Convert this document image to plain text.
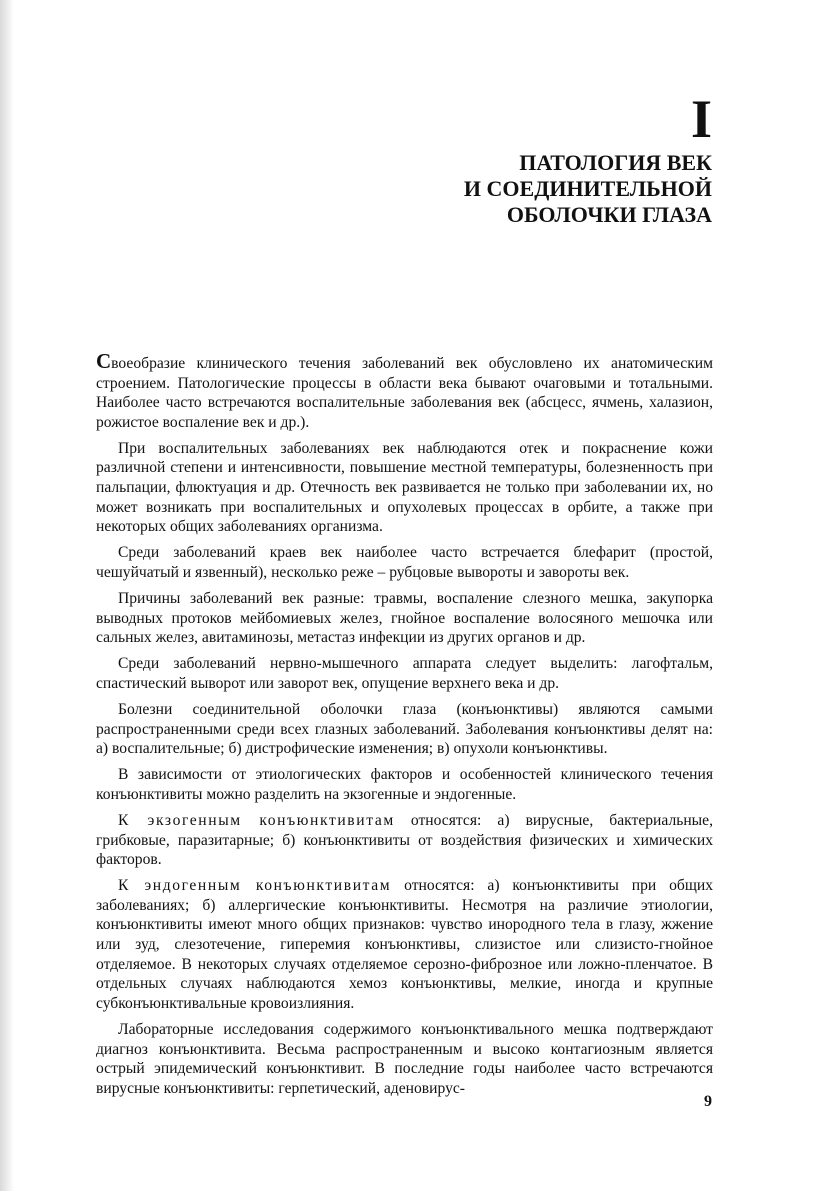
I
ПАТОЛОГИЯ ВЕК
И СОЕДИНИТЕЛЬНОЙ
ОБОЛОЧКИ ГЛАЗА

Своеобразие клинического течения заболеваний век обусловлено их анатомическим строением. Патологические процессы в области века бывают очаговыми и тотальными. Наиболее часто встречаются воспалительные заболевания век (абсцесс, ячмень, халазион, рожистое воспаление век и др.).

При воспалительных заболеваниях век наблюдаются отек и покраснение кожи различной степени и интенсивности, повышение местной температуры, болезненность при пальпации, флюктуация и др. Отечность век развивается не только при заболевании их, но может возникать при воспалительных и опухолевых процессах в орбите, а также при некоторых общих заболеваниях организма.

Среди заболеваний краев век наиболее часто встречается блефарит (простой, чешуйчатый и язвенный), несколько реже – рубцовые вывороты и завороты век.

Причины заболеваний век разные: травмы, воспаление слезного мешка, закупорка выводных протоков мейбомиевых желез, гнойное воспаление волосяного мешочка или сальных желез, авитаминозы, метастаз инфекции из других органов и др.

Среди заболеваний нервно-мышечного аппарата следует выделить: лагофтальм, спастический выворот или заворот век, опущение верхнего века и др.

Болезни соединительной оболочки глаза (конъюнктивы) являются самыми распространенными среди всех глазных заболеваний. Заболевания конъюнктивы делят на: а) воспалительные; б) дистрофические изменения; в) опухоли конъюнктивы.

В зависимости от этиологических факторов и особенностей клинического течения конъюнктивиты можно разделить на экзогенные и эндогенные.

К экзогенным конъюнктивитам относятся: а) вирусные, бактериальные, грибковые, паразитарные; б) конъюнктивиты от воздействия физических и химических факторов.

К эндогенным конъюнктивитам относятся: а) конъюнктивиты при общих заболеваниях; б) аллергические конъюнктивиты. Несмотря на различие этиологии, конъюнктивиты имеют много общих признаков: чувство инородного тела в глазу, жжение или зуд, слезотечение, гиперемия конъюнктивы, слизистое или слизисто-гнойное отделяемое. В некоторых случаях отделяемое серозно-фиброзное или ложно-пленчатое. В отдельных случаях наблюдаются хемоз конъюнктивы, мелкие, иногда и крупные субконъюнктивальные кровоизлияния.

Лабораторные исследования содержимого конъюнктивального мешка подтверждают диагноз конъюнктивита. Весьма распространенным и высоко контагиозным является острый эпидемический конъюнктивит. В последние годы наиболее часто встречаются вирусные конъюнктивиты: герпетический, аденовирус-

9
